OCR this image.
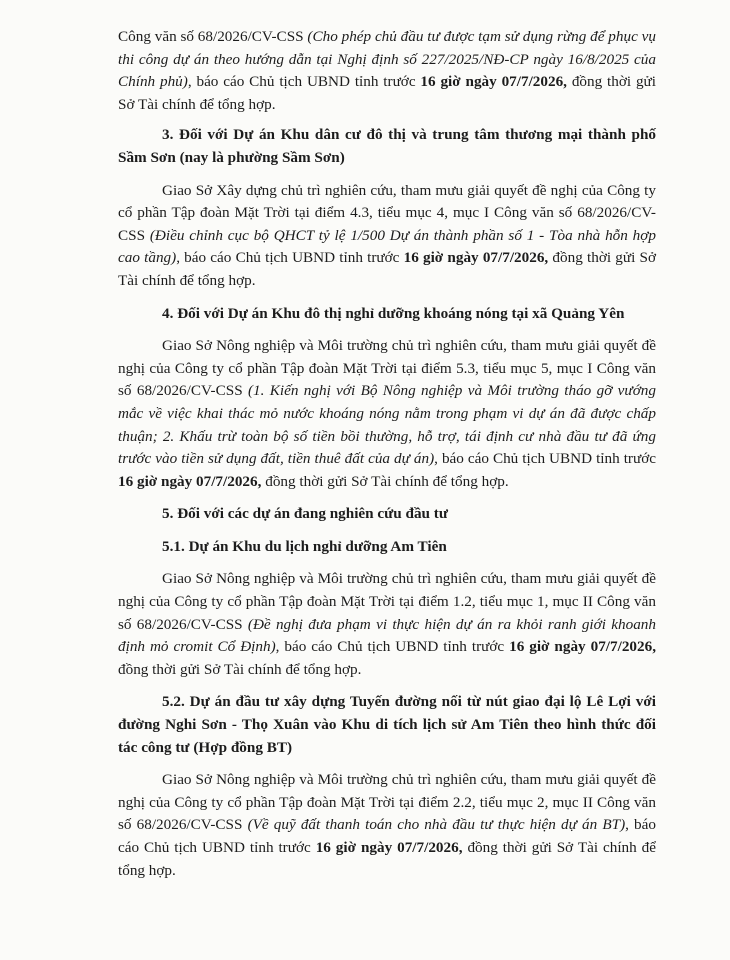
Công văn số 68/2026/CV-CSS (Cho phép chủ đầu tư được tạm sử dụng rừng để phục vụ thi công dự án theo hướng dẫn tại Nghị định số 227/2025/NĐ-CP ngày 16/8/2025 của Chính phủ), báo cáo Chủ tịch UBND tỉnh trước 16 giờ ngày 07/7/2026, đồng thời gửi Sở Tài chính để tổng hợp.

3. Đối với Dự án Khu dân cư đô thị và trung tâm thương mại thành phố Sầm Sơn (nay là phường Sầm Sơn)

Giao Sở Xây dựng chủ trì nghiên cứu, tham mưu giải quyết đề nghị của Công ty cổ phần Tập đoàn Mặt Trời tại điểm 4.3, tiểu mục 4, mục I Công văn số 68/2026/CV-CSS (Điều chỉnh cục bộ QHCT tỷ lệ 1/500 Dự án thành phần số 1 - Tòa nhà hỗn hợp cao tầng), báo cáo Chủ tịch UBND tỉnh trước 16 giờ ngày 07/7/2026, đồng thời gửi Sở Tài chính để tổng hợp.

4. Đối với Dự án Khu đô thị nghỉ dưỡng khoáng nóng tại xã Quảng Yên

Giao Sở Nông nghiệp và Môi trường chủ trì nghiên cứu, tham mưu giải quyết đề nghị của Công ty cổ phần Tập đoàn Mặt Trời tại điểm 5.3, tiểu mục 5, mục I Công văn số 68/2026/CV-CSS (1. Kiến nghị với Bộ Nông nghiệp và Môi trường tháo gỡ vướng mắc về việc khai thác mỏ nước khoáng nóng nằm trong phạm vi dự án đã được chấp thuận; 2. Khấu trừ toàn bộ số tiền bồi thường, hỗ trợ, tái định cư nhà đầu tư đã ứng trước vào tiền sử dụng đất, tiền thuê đất của dự án), báo cáo Chủ tịch UBND tỉnh trước 16 giờ ngày 07/7/2026, đồng thời gửi Sở Tài chính để tổng hợp.

5. Đối với các dự án đang nghiên cứu đầu tư

5.1. Dự án Khu du lịch nghỉ dưỡng Am Tiên

Giao Sở Nông nghiệp và Môi trường chủ trì nghiên cứu, tham mưu giải quyết đề nghị của Công ty cổ phần Tập đoàn Mặt Trời tại điểm 1.2, tiểu mục 1, mục II Công văn số 68/2026/CV-CSS (Đề nghị đưa phạm vi thực hiện dự án ra khỏi ranh giới khoanh định mỏ cromit Cổ Định), báo cáo Chủ tịch UBND tỉnh trước 16 giờ ngày 07/7/2026, đồng thời gửi Sở Tài chính để tổng hợp.

5.2. Dự án đầu tư xây dựng Tuyến đường nối từ nút giao đại lộ Lê Lợi với đường Nghi Sơn - Thọ Xuân vào Khu di tích lịch sử Am Tiên theo hình thức đối tác công tư (Hợp đồng BT)

Giao Sở Nông nghiệp và Môi trường chủ trì nghiên cứu, tham mưu giải quyết đề nghị của Công ty cổ phần Tập đoàn Mặt Trời tại điểm 2.2, tiểu mục 2, mục II Công văn số 68/2026/CV-CSS (Về quỹ đất thanh toán cho nhà đầu tư thực hiện dự án BT), báo cáo Chủ tịch UBND tỉnh trước 16 giờ ngày 07/7/2026, đồng thời gửi Sở Tài chính để tổng hợp.
